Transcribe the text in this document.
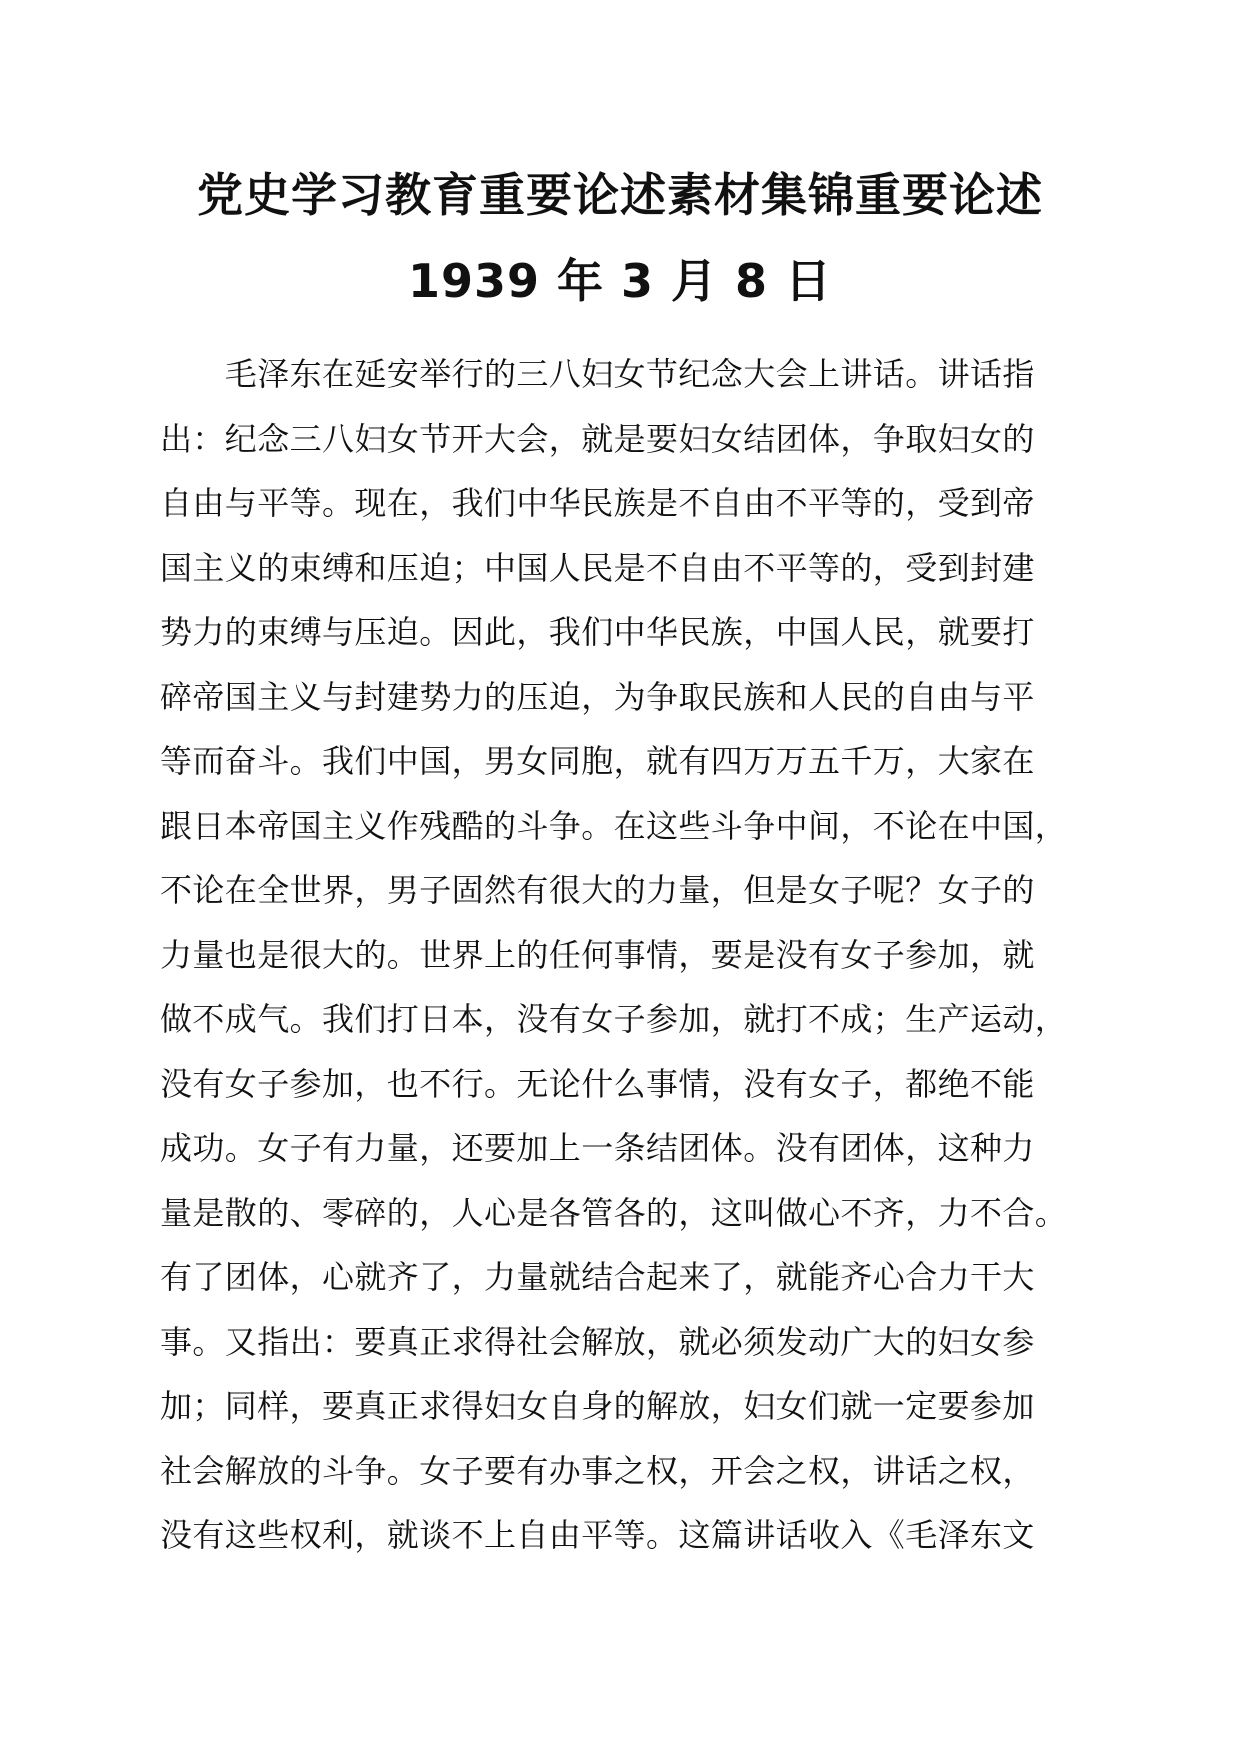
党史学习教育重要论述素材集锦重要论述
1939 年 3 月 8 日
　　毛泽东在延安举行的三八妇女节纪念大会上讲话。讲话指
出：纪念三八妇女节开大会，就是要妇女结团体，争取妇女的
自由与平等。现在，我们中华民族是不自由不平等的，受到帝
国主义的束缚和压迫；中国人民是不自由不平等的，受到封建
势力的束缚与压迫。因此，我们中华民族，中国人民，就要打
碎帝国主义与封建势力的压迫，为争取民族和人民的自由与平
等而奋斗。我们中国，男女同胞，就有四万万五千万，大家在
跟日本帝国主义作残酷的斗争。在这些斗争中间，不论在中国，
不论在全世界，男子固然有很大的力量，但是女子呢？女子的
力量也是很大的。世界上的任何事情，要是没有女子参加，就
做不成气。我们打日本，没有女子参加，就打不成；生产运动，
没有女子参加，也不行。无论什么事情，没有女子，都绝不能
成功。女子有力量，还要加上一条结团体。没有团体，这种力
量是散的、零碎的，人心是各管各的，这叫做心不齐，力不合。
有了团体，心就齐了，力量就结合起来了，就能齐心合力干大
事。又指出：要真正求得社会解放，就必须发动广大的妇女参
加；同样，要真正求得妇女自身的解放，妇女们就一定要参加
社会解放的斗争。女子要有办事之权，开会之权，讲话之权，
没有这些权利，就谈不上自由平等。这篇讲话收入《毛泽东文
